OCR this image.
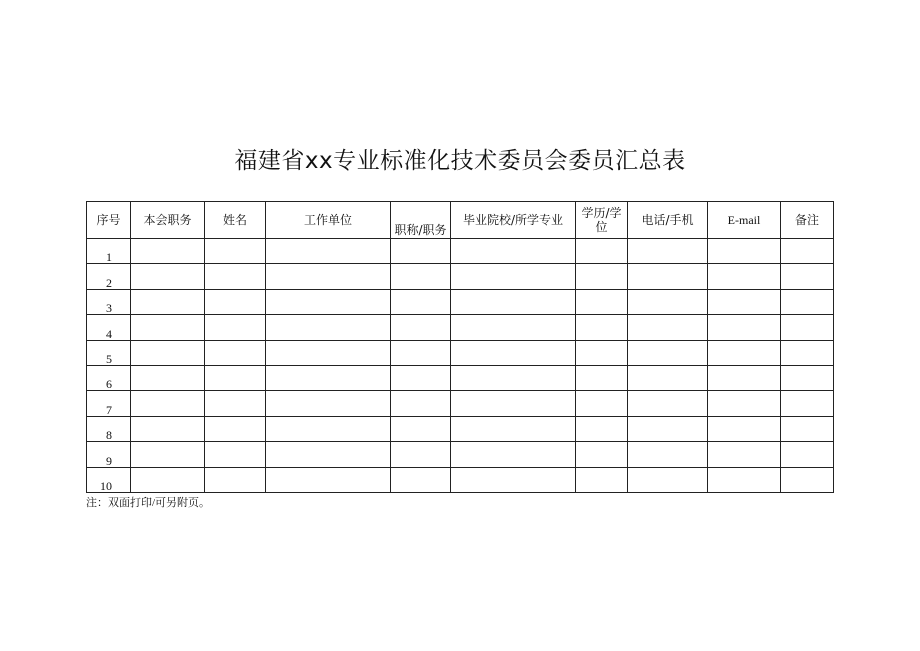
福建省xx专业标准化技术委员会委员汇总表
序号	本会职务	姓名	工作单位	职称/职务	毕业院校/所学专业	学历/学位	电话/手机	E-mail	备注
1									
2									
3									
4									
5									
6									
7									
8									
9									
10									
注：双面打印/可另附页。
